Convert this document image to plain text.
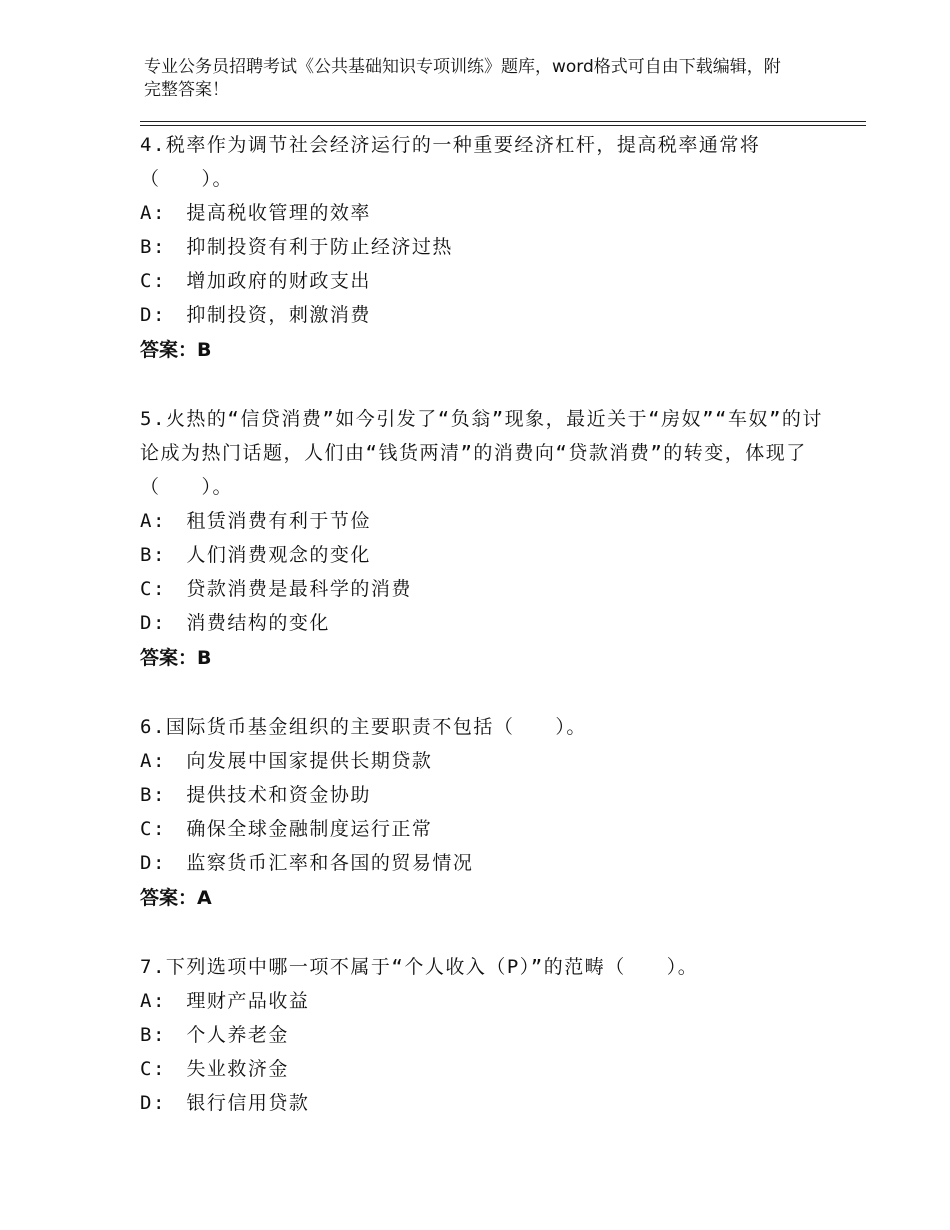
专业公务员招聘考试《公共基础知识专项训练》题库，word格式可自由下载编辑，附完整答案！
4.税率作为调节社会经济运行的一种重要经济杠杆，提高税率通常将（　　）。
A:　提高税收管理的效率
B:　抑制投资有利于防止经济过热
C:　增加政府的财政支出
D:　抑制投资，刺激消费
答案：B
5.火热的“信贷消费”如今引发了“负翁”现象，最近关于“房奴”“车奴”的讨论成为热门话题，人们由“钱货两清”的消费向“贷款消费”的转变，体现了（　　）。
A:　租赁消费有利于节俭
B:　人们消费观念的变化
C:　贷款消费是最科学的消费
D:　消费结构的变化
答案：B
6.国际货币基金组织的主要职责不包括（　　）。
A:　向发展中国家提供长期贷款
B:　提供技术和资金协助
C:　确保全球金融制度运行正常
D:　监察货币汇率和各国的贸易情况
答案：A
7.下列选项中哪一项不属于“个人收入（P）”的范畴（　　）。
A:　理财产品收益
B:　个人养老金
C:　失业救济金
D:　银行信用贷款
